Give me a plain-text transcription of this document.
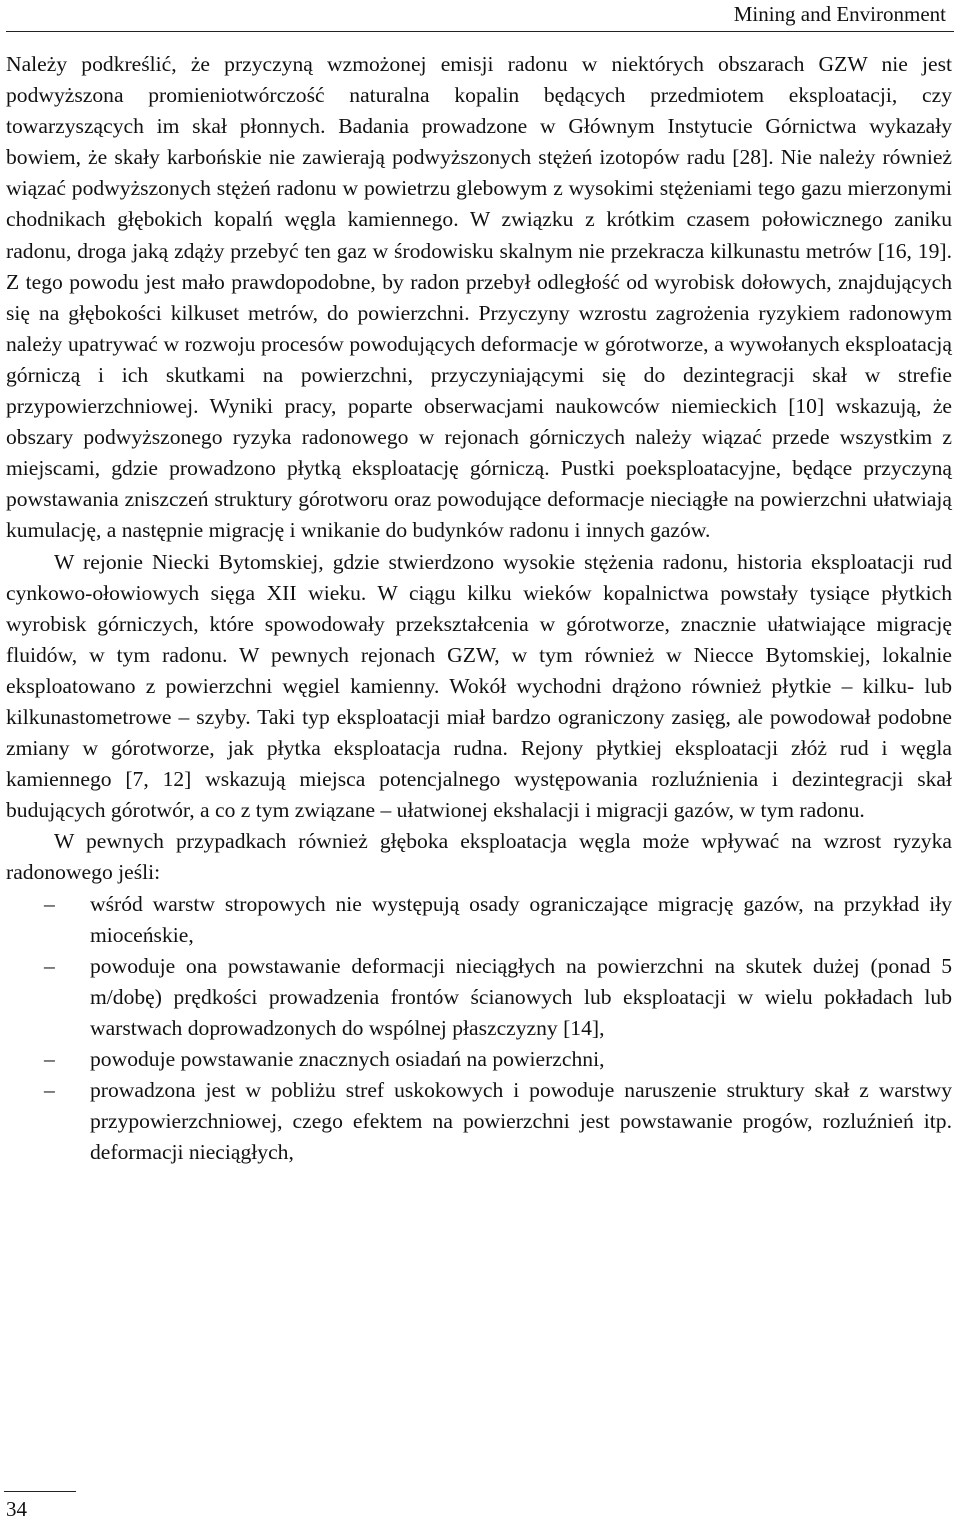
Mining and Environment

Należy podkreślić, że przyczyną wzmożonej emisji radonu w niektórych obszarach GZW nie jest podwyższona promieniotwórczość naturalna kopalin będących przedmiotem eksploatacji, czy towarzyszących im skał płonnych. Badania prowadzone w Głównym Instytucie Górnictwa wykazały bowiem, że skały karbońskie nie zawierają podwyższonych stężeń izotopów radu [28]. Nie należy również wiązać podwyższonych stężeń radonu w powietrzu glebowym z wysokimi stężeniami tego gazu mierzonymi chodnikach głębokich kopalń węgla kamiennego. W związku z krótkim czasem połowicznego zaniku radonu, droga jaką zdąży przebyć ten gaz w środowisku skalnym nie przekracza kilkunastu metrów [16, 19]. Z tego powodu jest mało prawdopodobne, by radon przebył odległość od wyrobisk dołowych, znajdujących się na głębokości kilkuset metrów, do powierzchni. Przyczyny wzrostu zagrożenia ryzykiem radonowym należy upatrywać w rozwoju procesów powodujących deformacje w górotworze, a wywołanych eksploatacją górniczą i ich skutkami na powierzchni, przyczyniającymi się do dezintegracji skał w strefie przypowierzchniowej. Wyniki pracy, poparte obserwacjami naukowców niemieckich [10] wskazują, że obszary podwyższonego ryzyka radonowego w rejonach górniczych należy wiązać przede wszystkim z miejscami, gdzie prowadzono płytką eksploatację górniczą. Pustki poeksploatacyjne, będące przyczyną powstawania zniszczeń struktury górotworu oraz powodujące deformacje nieciągłe na powierzchni ułatwiają kumulację, a następnie migrację i wnikanie do budynków radonu i innych gazów.

W rejonie Niecki Bytomskiej, gdzie stwierdzono wysokie stężenia radonu, historia eksploatacji rud cynkowo-ołowiowych sięga XII wieku. W ciągu kilku wieków kopalnictwa powstały tysiące płytkich wyrobisk górniczych, które spowodowały przekształcenia w górotworze, znacznie ułatwiające migrację fluidów, w tym radonu. W pewnych rejonach GZW, w tym również w Niecce Bytomskiej, lokalnie eksploatowano z powierzchni węgiel kamienny. Wokół wychodni drążono również płytkie – kilku- lub kilkunastometrowe – szyby. Taki typ eksploatacji miał bardzo ograniczony zasięg, ale powodował podobne zmiany w górotworze, jak płytka eksploatacja rudna. Rejony płytkiej eksploatacji złóż rud i węgla kamiennego [7, 12] wskazują miejsca potencjalnego występowania rozluźnienia i dezintegracji skał budujących górotwór, a co z tym związane – ułatwionej ekshalacji i migracji gazów, w tym radonu.

W pewnych przypadkach również głęboka eksploatacja węgla może wpływać na wzrost ryzyka radonowego jeśli:

– wśród warstw stropowych nie występują osady ograniczające migrację gazów, na przykład iły mioceńskie,
– powoduje ona powstawanie deformacji nieciągłych na powierzchni na skutek dużej (ponad 5 m/dobę) prędkości prowadzenia frontów ścianowych lub eksploatacji w wielu pokładach lub warstwach doprowadzonych do wspólnej płaszczyzny [14],
– powoduje powstawanie znacznych osiadań na powierzchni,
– prowadzona jest w pobliżu stref uskokowych i powoduje naruszenie struktury skał z warstwy przypowierzchniowej, czego efektem na powierzchni jest powstawanie progów, rozluźnień itp. deformacji nieciągłych,
34
